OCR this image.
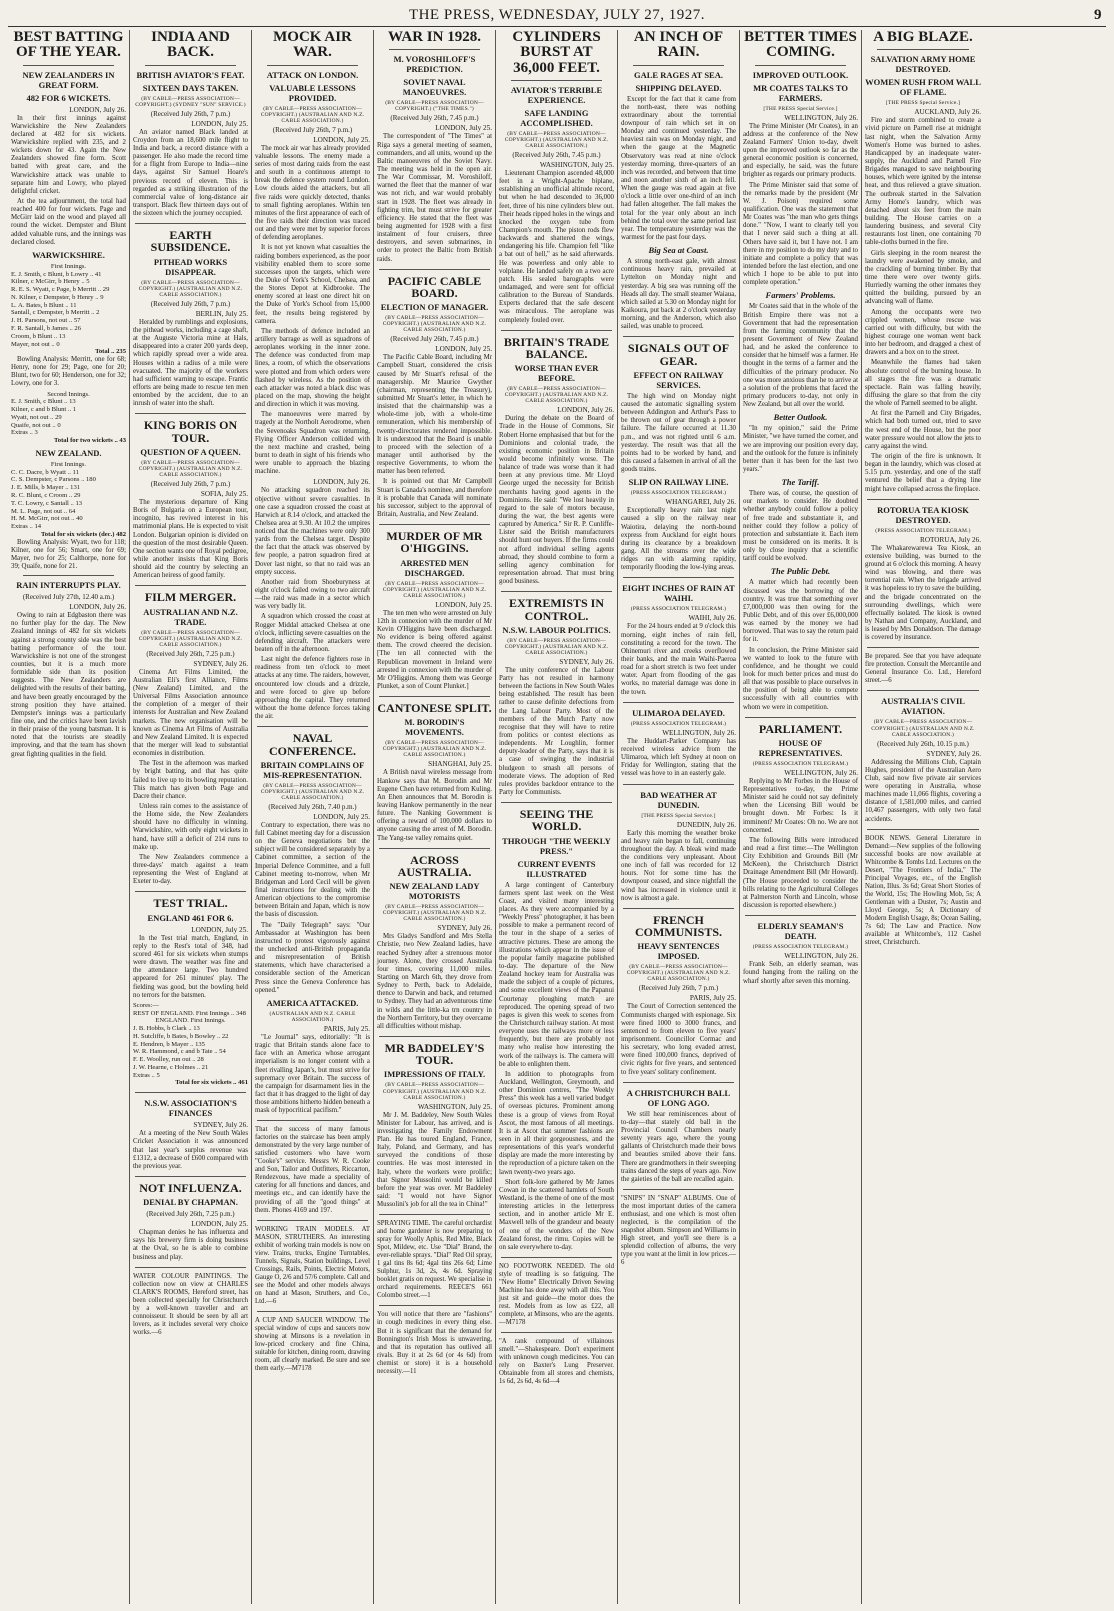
THE PRESS, WEDNESDAY, JULY 27, 1927.	9
BEST BATTING OF THE YEAR.
NEW ZEALANDERS IN GREAT FORM.
482 FOR 6 WICKETS.
LONDON, July 26.

In their first innings against Warwickshire the New Zealanders declared at 482 for six wickets. Warwickshire replied with 235, and 2 wickets down for 43. Again the New Zealanders showed fine form. Scott batted with great care, and the Warwickshire attack was unable to separate him and Lowry, who played delightful cricket.

At the tea adjournment, the total had reached 400 for four wickets. Page and McGirr laid on the wood and played all round the wicket. Dempster and Blunt added valuable runs, and the innings was declared closed.

WARWICKSHIRE.
First Innings.
E. J. Smith, c Blunt, b Lowry .. 41
Kilner, c McGirr, b Henry .. 5
R. E. S. Wyatt, c Page, b Merritt .. 29
N. Kilner, c Dempster, b Henry .. 9
L. A. Bates, b Blunt .. 11
Santall, c Dempster, b Merritt .. 2
J. H. Parsons, not out .. 57
F. R. Santall, b James .. 26
Croom, b Blunt .. 13
Mayer, not out .. 0
Total .. 235

Bowling Analysis: Merritt, one for 68; Henry, none for 29; Page, one for 20; Blunt, two for 60; Henderson, one for 32; Lowry, one for 3.

Second Innings.
E. J. Smith, c Blunt .. 13
Kilner, c and b Blunt .. 1
Wyatt, not out .. 29
Quaife, not out .. 0
Extras .. 3
Total for two wickets .. 43
NEW ZEALAND.
First Innings.
C. C. Dacre, b Wyatt .. 11
C. S. Dempster, c Parsons .. 180
J. E. Mills, b Mayer .. 131
R. C. Blunt, c Croom .. 29
T. C. Lowry, c Santall .. 13
M. L. Page, not out .. 64
H. M. McGirr, not out .. 40
Extras .. 14
Total for six wickets (dec.) 482

Bowling Analysis: Wyatt, two for 118; Kilner, one for 56; Smart, one for 69; Mayer, two for 25; Calthorpe, none for 39; Quaife, none for 21.

RAIN INTERRUPTS PLAY.
(Received July 27th, 12.40 a.m.)
LONDON, July 26.

Owing to rain at Edgbaston there was no further play for the day. The New Zealand innings of 482 for six wickets against a strong county side was the best batting performance of the tour. Warwickshire is not one of the strongest counties, but it is a much more formidable side than its position suggests. The New Zealanders are delighted with the results of their batting, and have been greatly encouraged by the strong position they have attained. Dempster's innings was a particularly fine one, and the critics have been lavish in their praise of the young batsman. It is noted that the tourists are steadily improving, and that the team has shown great fighting qualities in the field.

INDIA AND BACK.
BRITISH AVIATOR'S FEAT.
SIXTEEN DAYS TAKEN.
(BY CABLE—PRESS ASSOCIATION—COPYRIGHT.) (SYDNEY "SUN" SERVICE.)
(Received July 26th, 7 p.m.)
LONDON, July 25.

An aviator named Black landed at Croydon from an 18,600 mile flight to India and back, a record distance with a passenger. He also made the record time for a flight from Europe to India—nine days, against Sir Samuel Hoare's previous record of eleven. This is regarded as a striking illustration of the commercial value of long-distance air transport. Black flew thirteen days out of the sixteen which the journey occupied.

EARTH SUBSIDENCE.
PITHEAD WORKS DISAPPEAR.
(BY CABLE—PRESS ASSOCIATION—COPYRIGHT.) (AUSTRALIAN AND N.Z. CABLE ASSOCIATION.)
(Received July 26th, 7 p.m.)
BERLIN, July 25.

Heralded by rumblings and explosions, the pithead works, including a cage shaft, at the Auguste Victoria mine at Hals, disappeared into a crater 200 yards deep, which rapidly spread over a wide area. Houses within a radius of a mile were evacuated. The majority of the workers had sufficient warning to escape. Frantic efforts are being made to rescue ten men entombed by the accident, due to an inrush of water into the shaft.

KING BORIS ON TOUR.
QUESTION OF A QUEEN.
(BY CABLE—PRESS ASSOCIATION—COPYRIGHT.) (AUSTRALIAN AND N.Z. CABLE ASSOCIATION.)
(Received July 26th, 7 p.m.)
SOFIA, July 25.

The mysterious departure of King Boris of Bulgaria on a European tour, incognito, has revived interest in his matrimonial plans. He is expected to visit London. Bulgarian opinion is divided on the question of the most desirable Queen. One section wants one of Royal pedigree, while another insists that King Boris should aid the country by selecting an American heiress of good family.

FILM MERGER.
AUSTRALIAN AND N.Z. TRADE.
(BY CABLE—PRESS ASSOCIATION—COPYRIGHT.) (AUSTRALIAN AND N.Z. CABLE ASSOCIATION.)
(Received July 26th, 7.25 p.m.)
SYDNEY, July 26.

Cinema Art Films Limited, the Australian Eli's first Alliance, Films (New Zealand) Limited, and the Universal Films Association announce the completion of a merger of their interests for Australian and New Zealand markets. The new organisation will be known as Cinema Art Films of Australia and New Zealand Limited. It is expected that the merger will lead to substantial economies in distribution.

The Test in the afternoon was marked by bright batting, and that has quite failed to live up to its bowling reputation. This match has given both Page and Dacre their chance.

Unless rain comes to the assistance of the Home side, the New Zealanders should have no difficulty in winning. Warwickshire, with only eight wickets in hand, have still a deficit of 214 runs to make up.

The New Zealanders commence a three-days' match against a team representing the West of England at Exeter to-day.

TEST TRIAL.
ENGLAND 461 FOR 6.
LONDON, July 25.

In the Test trial match, England, in reply to the Rest's total of 348, had scored 461 for six wickets when stumps were drawn. The weather was fine and the attendance large. Two hundred appeared for 261 minutes' play. The fielding was good, but the bowling held no terrors for the batsmen.

Scores:—
REST OF ENGLAND. First Innings .. 348
ENGLAND. First Innings.
J. B. Hobbs, b Clark .. 13
H. Sutcliffe, b Bates, b Bowley .. 22
E. Hendren, b Mayer .. 135
W. R. Hammond, c and b Tate .. 54
F. E. Woolley, run out .. 28
J. W. Hearne, c Holmes .. 21
Extras .. 5
Total for six wickets .. 461
N.S.W. ASSOCIATION'S FINANCES
SYDNEY, July 26.

At a meeting of the New South Wales Cricket Association it was announced that last year's surplus revenue was £1312, a decrease of £600 compared with the previous year.

NOT INFLUENZA.
DENIAL BY CHAPMAN.
(Received July 26th, 7.25 p.m.)
LONDON, July 25.

Chapman denies he has influenza and says his brewery firm is doing business at the Oval, so he is able to combine business and play.

WATER COLOUR PAINTINGS. The collection now on view at CHARLES CLARK'S ROOMS, Hereford street, has been collected specially for Christchurch by a well-known traveller and art connoisseur. It should be seen by all art lovers, as it includes several very choice works.—6

MOCK AIR WAR.
ATTACK ON LONDON.
VALUABLE LESSONS PROVIDED.
(BY CABLE—PRESS ASSOCIATION—COPYRIGHT.) (AUSTRALIAN AND N.Z. CABLE ASSOCIATION.)
(Received July 26th, 7 p.m.)
LONDON, July 25.

The mock air war has already provided valuable lessons. The enemy made a series of most daring raids from the east and south in a continuous attempt to break the defence system round London. Low clouds aided the attackers, but all five raids were quickly detected, thanks to small fighting aeroplanes. Within ten minutes of the first appearance of each of the five raids their direction was traced out and they were met by superior forces of defending aeroplanes.

It is not yet known what casualties the raiding bombers experienced, as the poor visibility enabled them to score some successes upon the targets, which were the Duke of York's School, Chelsea, and the Stores Depot at Kidbrooke. The enemy scored at least one direct hit on the Duke of York's School from 15,000 feet, the results being registered by camera.

The methods of defence included an artillery barrage as well as squadrons of aeroplanes working in the inner zone. The defence was conducted from map lines, a room, of which the observations were plotted and from which orders were flashed by wireless. As the position of each attacker was noted a black disc was placed on the map, showing the height and direction in which it was moving.

The manoeuvres were marred by tragedy at the Northolt Aerodrome, when the Sevenoaks Squadron was returning, Flying Officer Anderson collided with the next machine and crashed, being burnt to death in sight of his friends who were unable to approach the blazing machine.

LONDON, July 26.

No attacking squadron reached its objective without severe casualties. In one case a squadron crossed the coast at Harwich at 8.14 o'clock, and attacked the Chelsea area at 9.30. At 10.2 the umpires noticed that the machines were only 300 yards from the Chelsea target. Despite the fact that the attack was observed by few people, a patron squadron fired at Dover last night, so that no raid was an empty success.

Another raid from Shoeburyness at eight o'clock failed owing to two aircraft—the raid was made in a sector which was very badly lit.

A squadron which crossed the coast at Rogger Middal attacked Chelsea at one o'clock, inflicting severe casualties on the defending aircraft. The attackers were beaten off in the afternoon.

Last night the defence fighters rose in readiness from ten o'clock to meet attacks at any time. The raiders, however, encountered low clouds and a drizzle, and were forced to give up before approaching the capital. They returned without the home defence forces taking the air.

NAVAL CONFERENCE.
BRITAIN COMPLAINS OF MIS-REPRESENTATION.
(BY CABLE—PRESS ASSOCIATION—COPYRIGHT.) (AUSTRALIAN AND N.Z. CABLE ASSOCIATION.)
(Received July 26th, 7.40 p.m.)
LONDON, July 25.

Contrary to expectation, there was no full Cabinet meeting day for a discussion on the Geneva negotiations but the subject will be considered separately by a Cabinet committee, a section of the Imperial Defence Committee, and a full Cabinet meeting to-morrow, when Mr Bridgeman and Lord Cecil will be given final instructions for dealing with the American objections to the compromise between Britain and Japan, which is now the basis of discussion.

The "Daily Telegraph" says: "Our Ambassador at Washington has been instructed to protest vigorously against the unchecked anti-British propaganda and misrepresentation of British statements, which have characterised a considerable section of the American Press since the Geneva Conference has opened."

AMERICA ATTACKED.
(AUSTRALIAN AND N.Z. CABLE ASSOCIATION.)
PARIS, July 25.

"Le Journal" says, editorially: "It is tragic that Britain stands alone face to face with an America whose arrogant imperialism is no longer content with a fleet rivalling Japan's, but must strive for supremacy over Britain. The success of the campaign for disarmament lies in the fact that it has dragged to the light of day those ambitions hitherto hidden beneath a mask of hypocritical pacifism."

That the success of many famous factories on the staircase has been amply demonstrated by the very large number of satisfied customers who have worn "Cooke's" service. Messrs W. R. Cooke and Son, Tailor and Outfitters, Riccarton, Rendezvous, have made a speciality of catering for all functions and dances, and meetings etc., and can identify have the providing of all the "good things" at them. Phones 4169 and 197.

WORKING TRAIN MODELS. AT MASON, STRUTHERS. An interesting exhibit of working train models is now on view. Trains, trucks, Engine Turntables, Tunnels, Signals, Station buildings, Level Crossings, Rails, Points, Electric Motors, Gauge O, 2/6 and 57/6 complete. Call and see the Model and other models always on hand at Mason, Struthers, and Co., Ltd.—6

A CUP AND SAUCER WINDOW. The special window of cups and saucers now showing at Minsons is a revelation in low-priced crockery and fine China, suitable for kitchen, dining room, drawing room, all clearly marked. Be sure and see them early.—M7178

WAR IN 1928.
M. VOROSHILOFF'S PREDICTION.
SOVIET NAVAL MANOEUVRES.
(BY CABLE—PRESS ASSOCIATION—COPYRIGHT.) ("THE TIMES.")
(Received July 26th, 7.45 p.m.)
LONDON, July 25.

The correspondent of "The Times" at Riga says a general meeting of seamen, commanders, and all units, wound up the Baltic manoeuvres of the Soviet Navy. The meeting was held in the open air. The War Commissar, M. Voroshiloff, warned the fleet that the manner of war was not rich, and war would probably start in 1928. The fleet was already in fighting trim, but must strive for greater efficiency. He stated that the fleet was being augmented for 1928 with a first instalment of four cruisers, three destroyers, and seven submarines, in order to protect the Baltic from British raids.

PACIFIC CABLE BOARD.
ELECTION OF MANAGER.
(BY CABLE—PRESS ASSOCIATION—COPYRIGHT.) (AUSTRALIAN AND N.Z. CABLE ASSOCIATION.)
(Received July 26th, 7.45 p.m.)
LONDON, July 25.

The Pacific Cable Board, including Mr Campbell Stuart, considered the crisis caused by Mr Stuart's refusal of the managership. Mr Maurice Gwyther (chairman, representing the Treasury), submitted Mr Stuart's letter, in which he insisted that the chairmanship was a whole-time job, with a whole-time remuneration, which his membership of twenty-directorates rendered impossible. It is understood that the Board is unable to proceed with the selection of a manager until authorised by the respective Governments, to whom the matter has been referred.

It is pointed out that Mr Campbell Stuart is Canada's nominee, and therefore it is probable that Canada will nominate his successor, subject to the approval of Britain, Australia, and New Zealand.

MURDER OF MR O'HIGGINS.
ARRESTED MEN DISCHARGED.
(BY CABLE—PRESS ASSOCIATION—COPYRIGHT.) (AUSTRALIAN AND N.Z. CABLE ASSOCIATION.)
LONDON, July 25.

The ten men who were arrested on July 12th in connexion with the murder of Mr Kevin O'Higgins have been discharged. No evidence is being offered against them. The crowd cheered the decision. [The ten all connected with the Republican movement in Ireland were arrested in connexion with the murder of Mr O'Higgins. Among them was George Plunket, a son of Count Plunket.]

CANTONESE SPLIT.
M. BORODIN'S MOVEMENTS.
(BY CABLE—PRESS ASSOCIATION—COPYRIGHT.) (AUSTRALIAN AND N.Z. CABLE ASSOCIATION.)
SHANGHAI, July 25.

A British naval wireless message from Hankow says that M. Borodin and Mr Eugene Chen have returned from Kuling. An Ehen announces that M. Borodin is leaving Hankow permanently in the near future. The Nanking Government is offering a reward of 100,000 dollars to anyone causing the arrest of M. Borodin. The Yang-tse valley remains quiet.

ACROSS AUSTRALIA.
NEW ZEALAND LADY MOTORISTS
(BY CABLE—PRESS ASSOCIATION—COPYRIGHT.) (AUSTRALIAN AND N.Z. CABLE ASSOCIATION.)
SYDNEY, July 26.

Mrs Gladys Sandford and Mrs Stella Christie, two New Zealand ladies, have reached Sydney after a strenuous motor journey. Alone, they crossed Australia four times, covering 11,000 miles. Starting on March 6th, they drove from Sydney to Perth, back to Adelaide, thence to Darwin and back, and returned to Sydney. They had an adventurous time in wilds and the little-ka trn country in the Northern Territory, but they overcame all difficulties without mishap.

MR BADDELEY'S TOUR.
IMPRESSIONS OF ITALY.
(BY CABLE—PRESS ASSOCIATION—COPYRIGHT.) (AUSTRALIAN AND N.Z. CABLE ASSOCIATION.)
WASHINGTON, July 25.

Mr J. M. Baddeley, New South Wales Minister for Labour, has arrived, and is investigating the Family Endowment Plan. He has toured England, France, Italy, Poland, and Germany, and has surveyed the conditions of those countries. He was most interested in Italy, where the workers were prolific; that Signor Mussolini would be killed before the year was over. Mr Baddeley said: "I would not have Signor Mussolini's job for all the tea in China!"

SPRAYING TIME. The careful orchardist and home gardener is now preparing to spray for Woolly Aphis, Red Mite, Black Spot, Mildew, etc. Use "Dial" Brand, the ever-reliable sprays. "Dial" Red Oil spray, 1 gal tins 8s 6d; 4gal tins 26s 6d; Lime Sulphur, 1s 3d, 2s, 4s 6d. Spraying booklet gratis on request. We specialise in orchard requirements. REECE'S 661 Colombo street.—1

You will notice that there are "fashions" in cough medicines in every thing else. But it is significant that the demand for Bonnington's Irish Moss is unwavering, and that its reputation has outlived all rivals. Buy it at 2s 6d (or 4s 6d) from chemist or store) it is a household necessity.—11

CYLINDERS BURST AT 36,000 FEET.
AVIATOR'S TERRIBLE EXPERIENCE.
SAFE LANDING ACCOMPLISHED.
(BY CABLE—PRESS ASSOCIATION—COPYRIGHT.) (AUSTRALIAN AND N.Z. CABLE ASSOCIATION.)
(Received July 26th, 7.45 p.m.)
WASHINGTON, July 25.

Lieutenant Champion ascended 48,000 feet in a Wright-Apache biplane, establishing an unofficial altitude record, but when he had descended to 36,000 feet, three of his nine cylinders blew out. Their heads ripped holes in the wings and knocked the oxygen tube from Champion's mouth. The piston rods flew backwards and shattered the wings, endangering his life. Champion fell "like a bat out of hell," as he said afterwards. He was powerless and only able to volplane. He landed safely on a two acre patch. His sealed barographs were undamaged, and were sent for official calibration to the Bureau of Standards. Experts declared that the safe descent was miraculous. The aeroplane was completely fouled over.

BRITAIN'S TRADE BALANCE.
WORSE THAN EVER BEFORE.
(BY CABLE—PRESS ASSOCIATION—COPYRIGHT.) (AUSTRALIAN AND N.Z. CABLE ASSOCIATION.)
LONDON, July 26.

During the debate on the Board of Trade in the House of Commons, Sir Robert Horne emphasised that but for the Dominions and colonial trade, the existing economic position in Britain would become infinitely worse. The balance of trade was worse than it had been at any previous time. Mr Lloyd George urged the necessity for British merchants having good agents in the Dominions. He said: "We lost heavily in regard to the sale of motors because, during the war, the best agents were captured by America." Sir R. P. Cunliffe-Lister said the British manufacturers should hunt out buyers. If the firms could not afford individual selling agents abroad, they should combine to form a selling agency combination for representation abroad. That must bring good business.

EXTREMISTS IN CONTROL.
N.S.W. LABOUR POLITICS.
(BY CABLE—PRESS ASSOCIATION—COPYRIGHT.) (AUSTRALIAN AND N.Z. CABLE ASSOCIATION.)
SYDNEY, July 26.

The unity conference of the Labour Party has not resulted in harmony between the factions in New South Wales being established. The result has been rather to cause definite defections from the Lang Labour Party. Most of the members of the Mutch Party now recognise that they will have to retire from politics or contest elections as independents. Mr Loughlin, former deputy-leader of the Party, says that it is a case of swinging the industrial bludgeon to smash all persons of moderate views. The adoption of Red rules provides backdoor entrance to the Party for Communists.

SEEING THE WORLD.
THROUGH "THE WEEKLY PRESS."
CURRENT EVENTS ILLUSTRATED

A large contingent of Canterbury farmers spent last week on the West Coast, and visited many interesting places. As they were accompanied by a "Weekly Press" photographer, it has been possible to make a permanent record of the tour in the shape of a series of attractive pictures. These are among the illustrations which appear in the issue of the popular family magazine published to-day. The departure of the New Zealand hockey team for Australia was made the subject of a couple of pictures, and some excellent views of the Papanui Courtenay ploughing match are reproduced. The opening spread of two pages is given this week to scenes from the Christchurch railway station. At most everyone uses the railways more or less frequently, but there are probably not many who realise how interesting the work of the railways is. The camera will be able to enlighten them.

In addition to photographs from Auckland, Wellington, Greymouth, and other Dominion centres, "The Weekly Press" this week has a well varied budget of overseas pictures. Prominent among these is a group of views from Royal Ascot, the most famous of all meetings. It is at Ascot that summer fashions are seen in all their gorgeousness, and the representations of this year's wonderful display are made the more interesting by the reproduction of a picture taken on the lawn twenty-two years ago.

Short folk-lore gathered by Mr James Cowan in the scattered hamlets of South Westland, is the theme of one of the most interesting articles in the letterpress section, and in another article Mr E. Maxwell tells of the grandeur and beauty of one of the wonders of the New Zealand forest, the rimu. Copies will be on sale everywhere to-day.

NO FOOTWORK NEEDED. The old style of treadling is so fatiguing. The "New Home" Electrically Driven Sewing Machine has done away with all this. You just sit and guide—the motor does the rest. Models from as low as £22, all complete, at Minsons, who are the agents.—M7178

"A rank compound of villainous smell."—Shakespeare. Don't experiment with unknown cough medicines. You can rely on Baxter's Lung Preserver. Obtainable from all stores and chemists, 1s 6d, 2s 6d, 4s 6d—4

AN INCH OF RAIN.
GALE RAGES AT SEA.
SHIPPING DELAYED.

Except for the fact that it came from the north-east, there was nothing extraordinary about the torrential downpour of rain which set in on Monday and continued yesterday. The heaviest rain was on Monday night, and when the gauge at the Magnetic Observatory was read at nine o'clock yesterday morning, three-quarters of an inch was recorded, and between that time and noon another sixth of an inch fell. When the gauge was read again at five o'clock a little over one-third of an inch had fallen altogether. The fall makes the total for the year only about an inch behind the total over the same period last year. The temperature yesterday was the warmest for the past four days.

Big Sea at Coast.

A strong north-east gale, with almost continuous heavy rain, prevailed at Lyttelton on Monday night and yesterday. A big sea was running off the Heads all day. The small steamer Waiaua, which sailed at 5.30 on Monday night for Kaikoura, put back at 2 o'clock yesterday morning, and the Anderson, which also sailed, was unable to proceed.

SIGNALS OUT OF GEAR.
EFFECT ON RAILWAY SERVICES.

The high wind on Monday night caused the automatic signalling system between Addington and Arthur's Pass to be thrown out of gear through a power failure. The failure occurred at 11.30 p.m., and was not righted until 6 a.m. yesterday. The result was that all the points had to be worked by hand, and this caused a falsemen in arrival of all the goods trains.

SLIP ON RAILWAY LINE.
(PRESS ASSOCIATION TELEGRAM.)
WHANGAREI, July 26.

Exceptionally heavy rain last night caused a slip on the railway near Waiotira, delaying the north-bound express from Auckland for eight hours during its clearance by a breakdown gang. All the streams over the wide ridges ran with alarming rapidity, temporarily flooding the low-lying areas.

EIGHT INCHES OF RAIN AT WAIHI.
(PRESS ASSOCIATION TELEGRAM.)
WAIHI, July 26.

For the 24 hours ended at 9 o'clock this morning, eight inches of rain fell, constituting a record for the town. The Ohinemuri river and creeks overflowed their banks, and the main Waihi-Paeroa road for a short stretch is two feet under water. Apart from flooding of the gas works, no material damage was done in the town.

ULIMAROA DELAYED.
(PRESS ASSOCIATION TELEGRAM.)
WELLINGTON, July 26.

The Huddart-Parker Company has received wireless advice from the Ulimaroa, which left Sydney at noon on Friday for Wellington, stating that the vessel was hove to in an easterly gale.

BAD WEATHER AT DUNEDIN.
[THE PRESS Special Service.]
DUNEDIN, July 26.

Early this morning the weather broke and heavy rain began to fall, continuing throughout the day. A bleak wind made the conditions very unpleasant. About one inch of fall was recorded for 12 hours. Not for some time has the downpour ceased, and since nightfall the wind has increased in violence until it now is almost a gale.

FRENCH COMMUNISTS.
HEAVY SENTENCES IMPOSED.
(BY CABLE—PRESS ASSOCIATION—COPYRIGHT.) (AUSTRALIAN AND N.Z. CABLE ASSOCIATION.)
(Received July 26th, 7 p.m.)
PARIS, July 25.

The Court of Correction sentenced the Communists charged with espionage. Six were fined 1000 to 3000 francs, and sentenced to from eleven to five years' imprisonment. Councillor Cormac and his secretary, who long evaded arrest, were fined 100,000 francs, deprived of civic rights for five years, and sentenced to five years' solitary confinement.

A CHRISTCHURCH BALL OF LONG AGO.

We still hear reminiscences about of to-day—that stately old ball in the Provincial Council Chambers nearly seventy years ago, where the young gallants of Christchurch made their bows and beauties smiled above their fans. There are grandmothers in their sweeping trains danced the steps of years ago. Now the gaieties of the ball are recalled again.

"SNIPS" IN "SNAP" ALBUMS. One of the most important duties of the camera enthusiast, and one which is most often neglected, is the compilation of the snapshot album. Simpson and Williams in High street, and you'll see there is a splendid collection of albums, the very type you want at the limit in low prices.—6

BETTER TIMES COMING.
IMPROVED OUTLOOK.
MR COATES TALKS TO FARMERS.
[THE PRESS Special Service.]
WELLINGTON, July 26.

The Prime Minister (Mr Coates), in an address at the conference of the New Zealand Farmers' Union to-day, dwelt upon the improved outlook so far as the general economic position is concerned, and especially, he said, was the future brighter as regards our primary products.

The Prime Minister said that some of the remarks made by the president (Mr W. J. Poison) required some qualification. One was the statement that Mr Coates was "the man who gets things done." "Now, I want to clearly tell you that I never said such a thing at all. Others have said it, but I have not. I am there in my position to do my duty and to initiate and complete a policy that was intended before the last election, and one which I hope to be able to put into complete operation."

Farmers' Problems.

Mr Coates said that in the whole of the British Empire there was not a Government that had the representation from the farming community that the present Government of New Zealand had, and he asked the conference to consider that he himself was a farmer. He thought in the terms of a farmer and the difficulties of the primary producer. No one was more anxious than he to arrive at a solution of the problems that faced the primary producers to-day, not only in New Zealand, but all over the world.

Better Outlook.

"In my opinion," said the Prime Minister, "we have turned the corner, and we are improving our position every day, and the outlook for the future is infinitely better than it has been for the last two years."

The Tariff.

There was, of course, the question of our markets to consider. He doubted whether anybody could follow a policy of free trade and substantiate it, and neither could they follow a policy of protection and substantiate it. Each item must be considered on its merits. It is only by close inquiry that a scientific tariff could be evolved.

The Public Debt.

A matter which had recently been discussed was the borrowing of the country. It was true that something over £7,000,000 was then owing for the Public Debt, and of this over £6,000,000 was earned by the money we had borrowed. That was to say the return paid for it.

In conclusion, the Prime Minister said we wanted to look to the future with confidence, and he thought we could look for much better prices and must do all that was possible to place ourselves in the position of being able to compete successfully with all countries with whom we were in competition.

PARLIAMENT.
HOUSE OF REPRESENTATIVES.
(PRESS ASSOCIATION TELEGRAM.)
WELLINGTON, July 26.

Replying to Mr Forbes in the House of Representatives to-day, the Prime Minister said he could not say definitely when the Licensing Bill would be brought down. Mr Forbes: Is it imminent? Mr Coates: Oh no. We are not concerned.

The following Bills were introduced and read a first time:—The Wellington City Exhibition and Grounds Bill (Mr McKeen), the Christchurch District Drainage Amendment Bill (Mr Howard). (The House proceeded to consider the bills relating to the Agricultural Colleges at Palmerston North and Lincoln, whose discussion is reported elsewhere.)

ELDERLY SEAMAN'S DEATH.
(PRESS ASSOCIATION TELEGRAM.)
WELLINGTON, July 26.

Frank Seib, an elderly seaman, was found hanging from the railing on the wharf shortly after seven this morning.

A BIG BLAZE.
SALVATION ARMY HOME DESTROYED.
WOMEN RUSH FROM WALL OF FLAME.
[THE PRESS Special Service.]
AUCKLAND, July 26.

Fire and storm combined to create a vivid picture on Parnell rise at midnight last night, when the Salvation Army Women's Home was burned to ashes. Handicapped by an inadequate water-supply, the Auckland and Parnell Fire Brigades managed to save neighbouring houses, which were ignited by the intense heat, and thus relieved a grave situation. The outbreak started in the Salvation Army Home's laundry, which was detached about six feet from the main building. The House carries on a laundering business, and several City restaurants lost linen, one containing 70 table-cloths burned in the fire.

Girls sleeping in the room nearest the laundry were awakened by smoke, and the crackling of burning timber. By that time there were over twenty girls. Hurriedly warning the other inmates they quitted the building, pursued by an advancing wall of flame.

Among the occupants were two crippled women, whose rescue was carried out with difficulty, but with the highest courage one woman went back into her bedroom, and dragged a chest of drawers and a box on to the street.

Meanwhile the flames had taken absolute control of the burning house. In all stages the fire was a dramatic spectacle. Rain was falling heavily, diffusing the glare so that from the city the whole of Parnell seemed to be alight.

At first the Parnell and City Brigades, which had both turned out, tried to save the west end of the House, but the poor water pressure would not allow the jets to carry against the wind.

The origin of the fire is unknown. It began in the laundry, which was closed at 5.15 p.m. yesterday, and one of the staff ventured the belief that a drying line might have collapsed across the fireplace.

ROTORUA TEA KIOSK DESTROYED.
(PRESS ASSOCIATION TELEGRAM.)
ROTORUA, July 26.

The Whakarewarewa Tea Kiosk, an extensive building, was burned to the ground at 6 o'clock this morning. A heavy wind was blowing, and there was torrential rain. When the brigade arrived it was hopeless to try to save the building, and the brigade concentrated on the surrounding dwellings, which were effectually isolated. The kiosk is owned by Nathan and Company, Auckland, and is leased by Mrs Donaldson. The damage is covered by insurance.

Be prepared. See that you have adequate fire protection. Consult the Mercantile and General Insurance Co. Ltd., Hereford street.—6

AUSTRALIA'S CIVIL AVIATION.
(BY CABLE—PRESS ASSOCIATION—COPYRIGHT.) (AUSTRALIAN AND N.Z. CABLE ASSOCIATION.)
(Received July 26th, 10.15 p.m.)
SYDNEY, July 26.

Addressing the Millions Club, Captain Hughes, president of the Australian Aero Club, said now five private air services were operating in Australia, whose machines made 11,066 flights, covering a distance of 1,581,000 miles, and carried 10,467 passengers, with only two fatal accidents.

BOOK NEWS. General Literature in Demand:—New supplies of the following successful books are now available at Whitcombe & Tombs Ltd. Lectures on the Desert, "The Frontiers of India," The Principal Voyages, etc., of the English Nation, Illus. 3s 6d; Great Short Stories of the World, 15s; The Howling Mob, 5s; A Gentleman with a Duster, 7s; Austin and Lloyd George, 5s; A Dictionary of Modern English Usage, 8s; Ocean Sailing, 7s 6d; The Law and Practice. Now available at Whitcombe's, 112 Cashel street, Christchurch.
